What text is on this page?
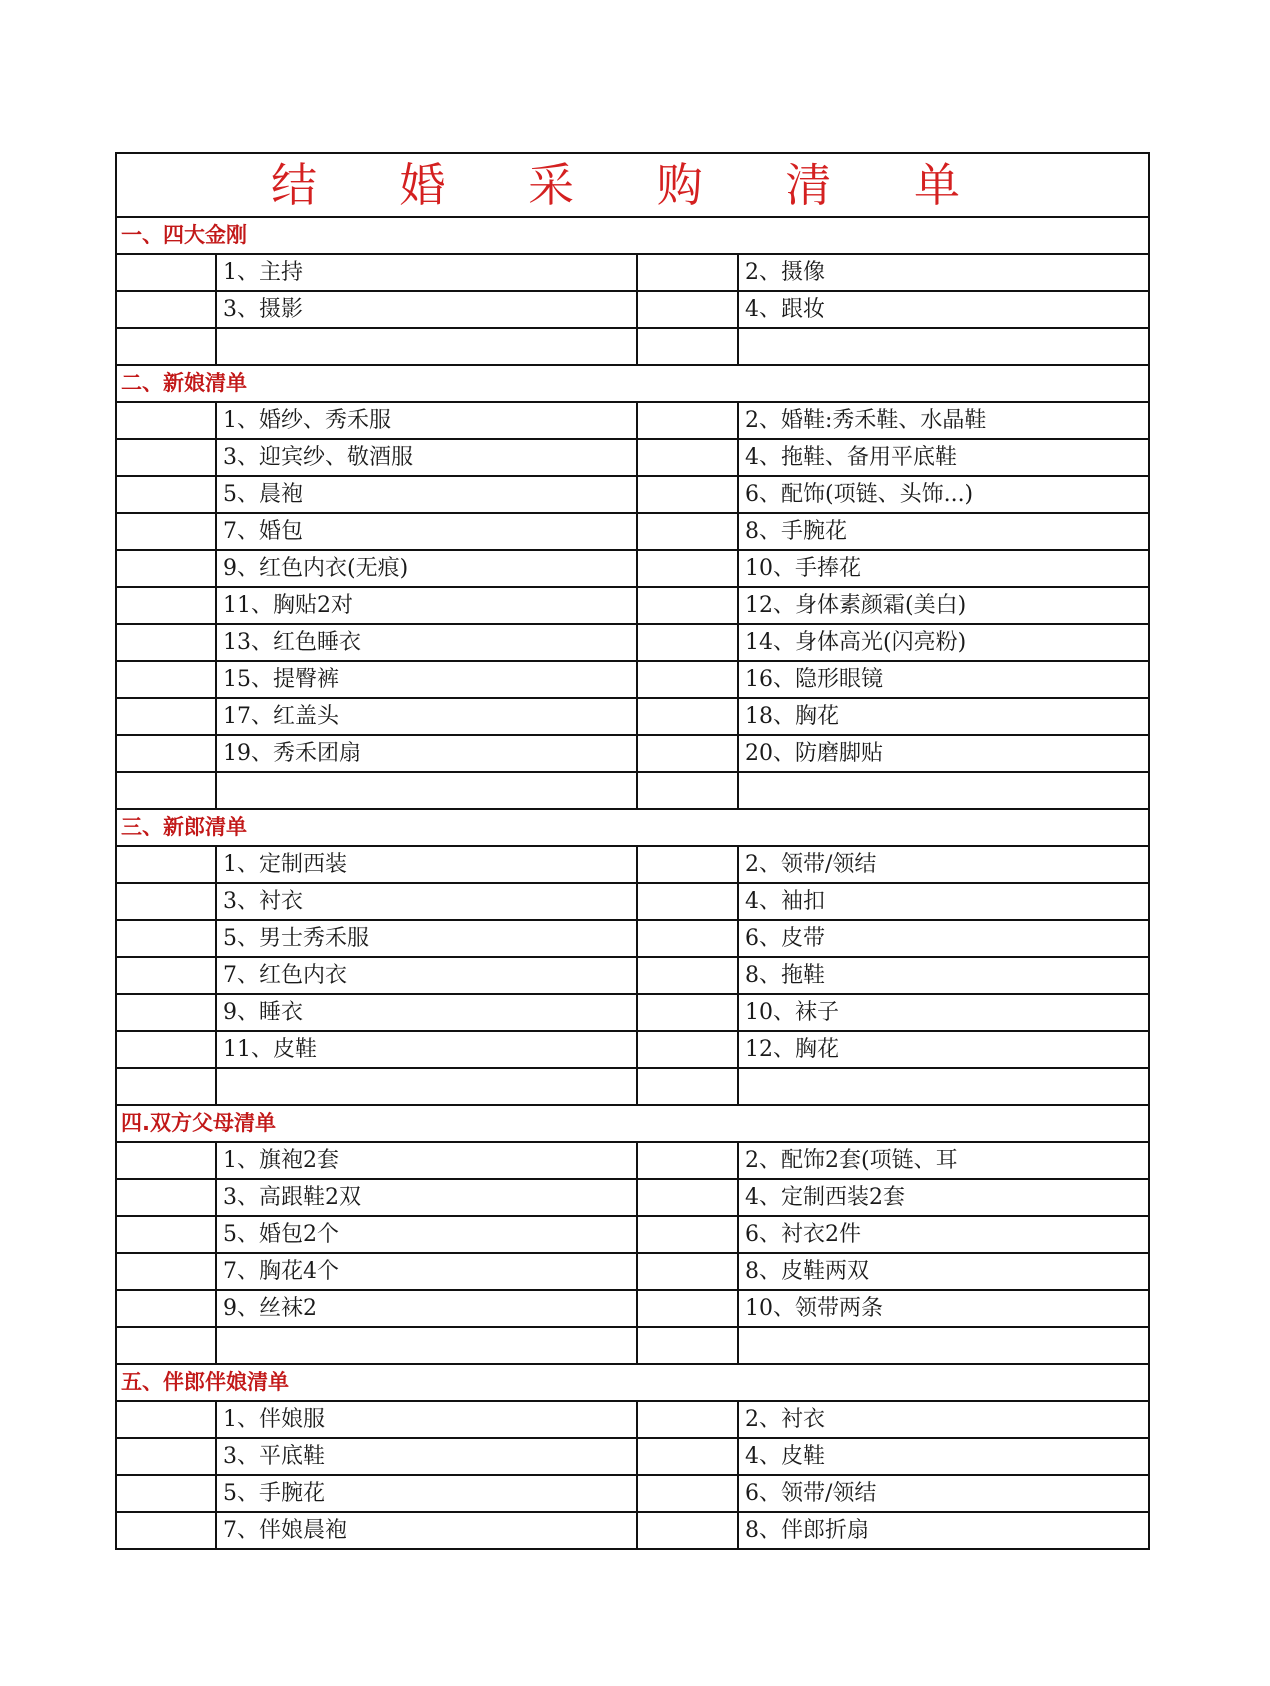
结 婚 采 购 清 单			
一、四大金刚			
	1、主持		2、摄像
	3、摄影		4、跟妆

二、新娘清单			
	1、婚纱、秀禾服		2、婚鞋:秀禾鞋、水晶鞋
	3、迎宾纱、敬酒服		4、拖鞋、备用平底鞋
	5、晨袍		6、配饰(项链、头饰...)
	7、婚包		8、手腕花
	9、红色内衣(无痕)		10、手捧花
	11、胸贴2对		12、身体素颜霜(美白)
	13、红色睡衣		14、身体高光(闪亮粉)
	15、提臀裤		16、隐形眼镜
	17、红盖头		18、胸花
	19、秀禾团扇		20、防磨脚贴

三、新郎清单			
	1、定制西装		2、领带/领结
	3、衬衣		4、袖扣
	5、男士秀禾服		6、皮带
	7、红色内衣		8、拖鞋
	9、睡衣		10、袜子
	11、皮鞋		12、胸花

四.双方父母清单			
	1、旗袍2套		2、配饰2套(项链、耳
	3、高跟鞋2双		4、定制西装2套
	5、婚包2个		6、衬衣2件
	7、胸花4个		8、皮鞋两双
	9、丝袜2		10、领带两条

五、伴郎伴娘清单			
	1、伴娘服		2、衬衣
	3、平底鞋		4、皮鞋
	5、手腕花		6、领带/领结
	7、伴娘晨袍		8、伴郎折扇
